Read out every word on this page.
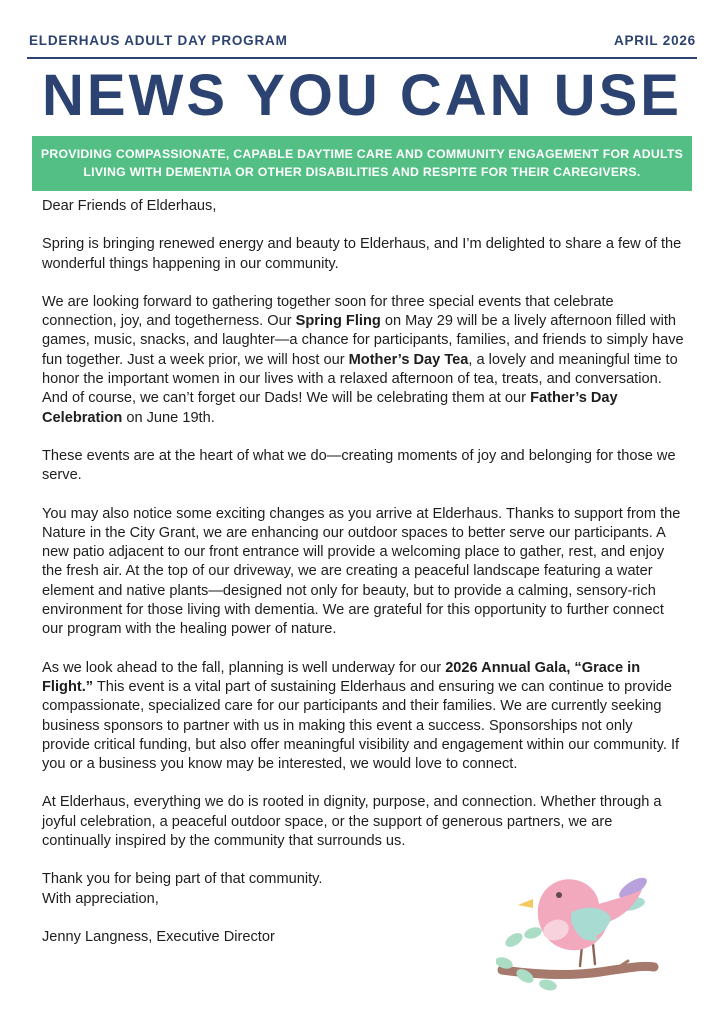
ELDERHAUS ADULT DAY PROGRAM	APRIL 2026
NEWS YOU CAN USE
PROVIDING COMPASSIONATE, CAPABLE DAYTIME CARE AND COMMUNITY ENGAGEMENT FOR ADULTS
LIVING WITH DEMENTIA OR OTHER DISABILITIES AND RESPITE FOR THEIR CAREGIVERS.

Dear Friends of Elderhaus,

Spring is bringing renewed energy and beauty to Elderhaus, and I’m delighted to share a few of the wonderful things happening in our community.

We are looking forward to gathering together soon for three special events that celebrate connection, joy, and togetherness. Our Spring Fling on May 29 will be a lively afternoon filled with games, music, snacks, and laughter—a chance for participants, families, and friends to simply have fun together. Just a week prior, we will host our Mother’s Day Tea, a lovely and meaningful time to honor the important women in our lives with a relaxed afternoon of tea, treats, and conversation. And of course, we can’t forget our Dads! We will be celebrating them at our Father’s Day Celebration on June 19th.

These events are at the heart of what we do—creating moments of joy and belonging for those we serve.

You may also notice some exciting changes as you arrive at Elderhaus. Thanks to support from the Nature in the City Grant, we are enhancing our outdoor spaces to better serve our participants. A new patio adjacent to our front entrance will provide a welcoming place to gather, rest, and enjoy the fresh air. At the top of our driveway, we are creating a peaceful landscape featuring a water element and native plants—designed not only for beauty, but to provide a calming, sensory-rich environment for those living with dementia. We are grateful for this opportunity to further connect our program with the healing power of nature.

As we look ahead to the fall, planning is well underway for our 2026 Annual Gala, “Grace in Flight.” This event is a vital part of sustaining Elderhaus and ensuring we can continue to provide compassionate, specialized care for our participants and their families. We are currently seeking business sponsors to partner with us in making this event a success. Sponsorships not only provide critical funding, but also offer meaningful visibility and engagement within our community. If you or a business you know may be interested, we would love to connect.

At Elderhaus, everything we do is rooted in dignity, purpose, and connection. Whether through a joyful celebration, a peaceful outdoor space, or the support of generous partners, we are continually inspired by the community that surrounds us.

Thank you for being part of that community.
With appreciation,

Jenny Langness, Executive Director
